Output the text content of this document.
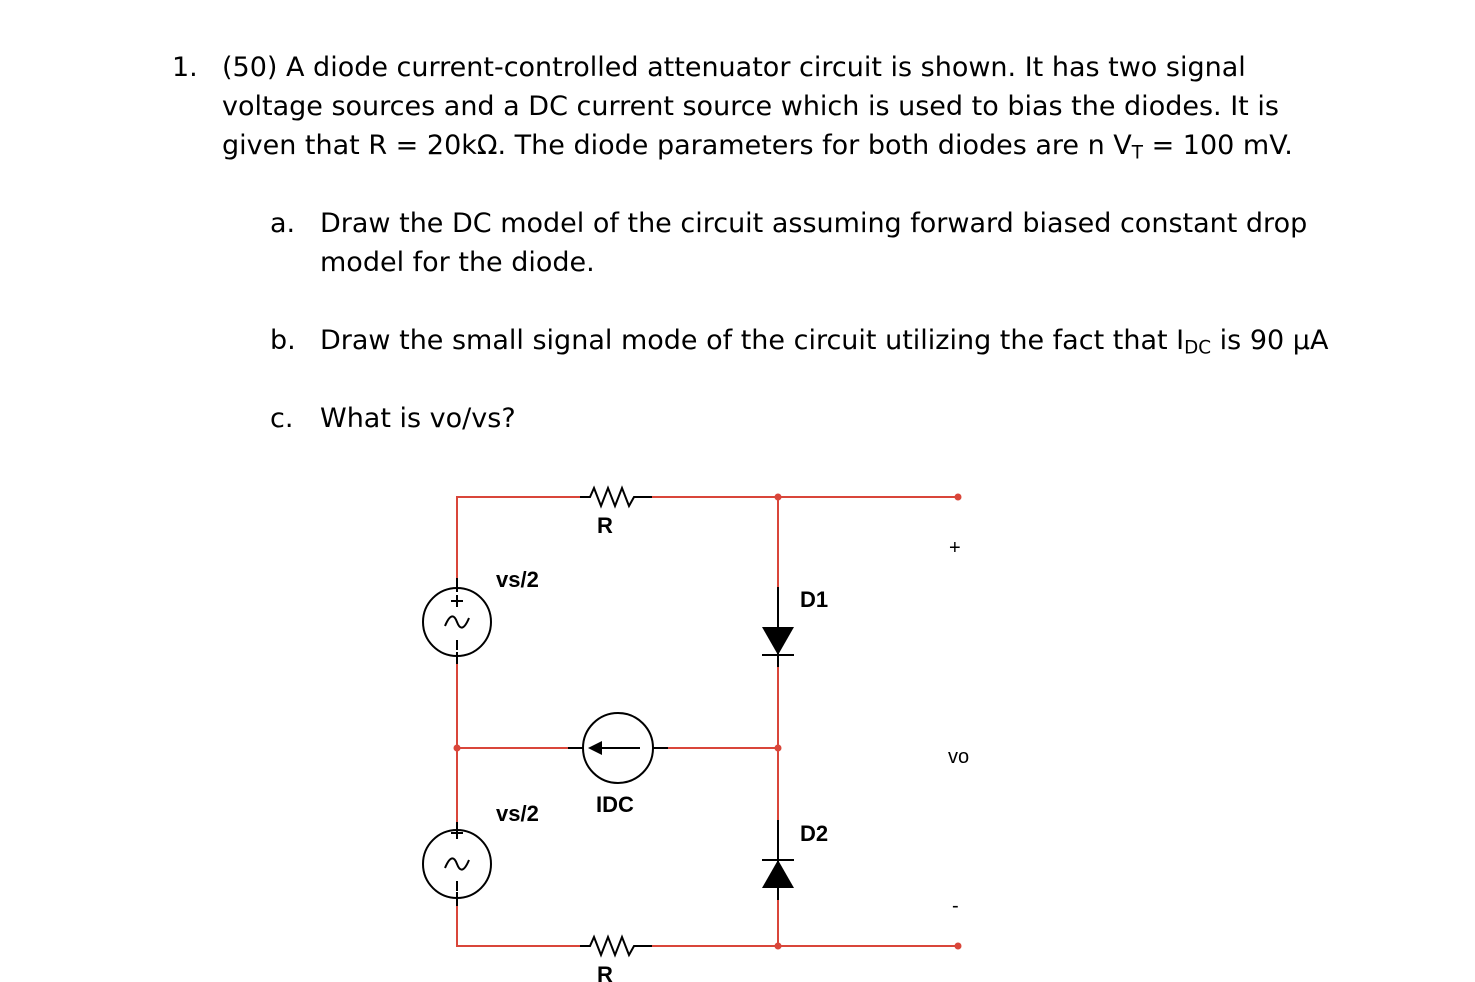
1. (50) A diode current-controlled attenuator circuit is shown. It has two signal voltage sources and a DC current source which is used to bias the diodes. It is given that R = 20kΩ. The diode parameters for both diodes are n $V_T = 100$ mV.
a. Draw the DC model of the circuit assuming forward biased constant drop model for the diode.
b. Draw the small signal mode of the circuit utilizing the fact that $I_{DC}$ is 90 µA
c. What is vo/vs?
R
R
vs/2
vs/2	IDC
D1
D2
+
vo
-
